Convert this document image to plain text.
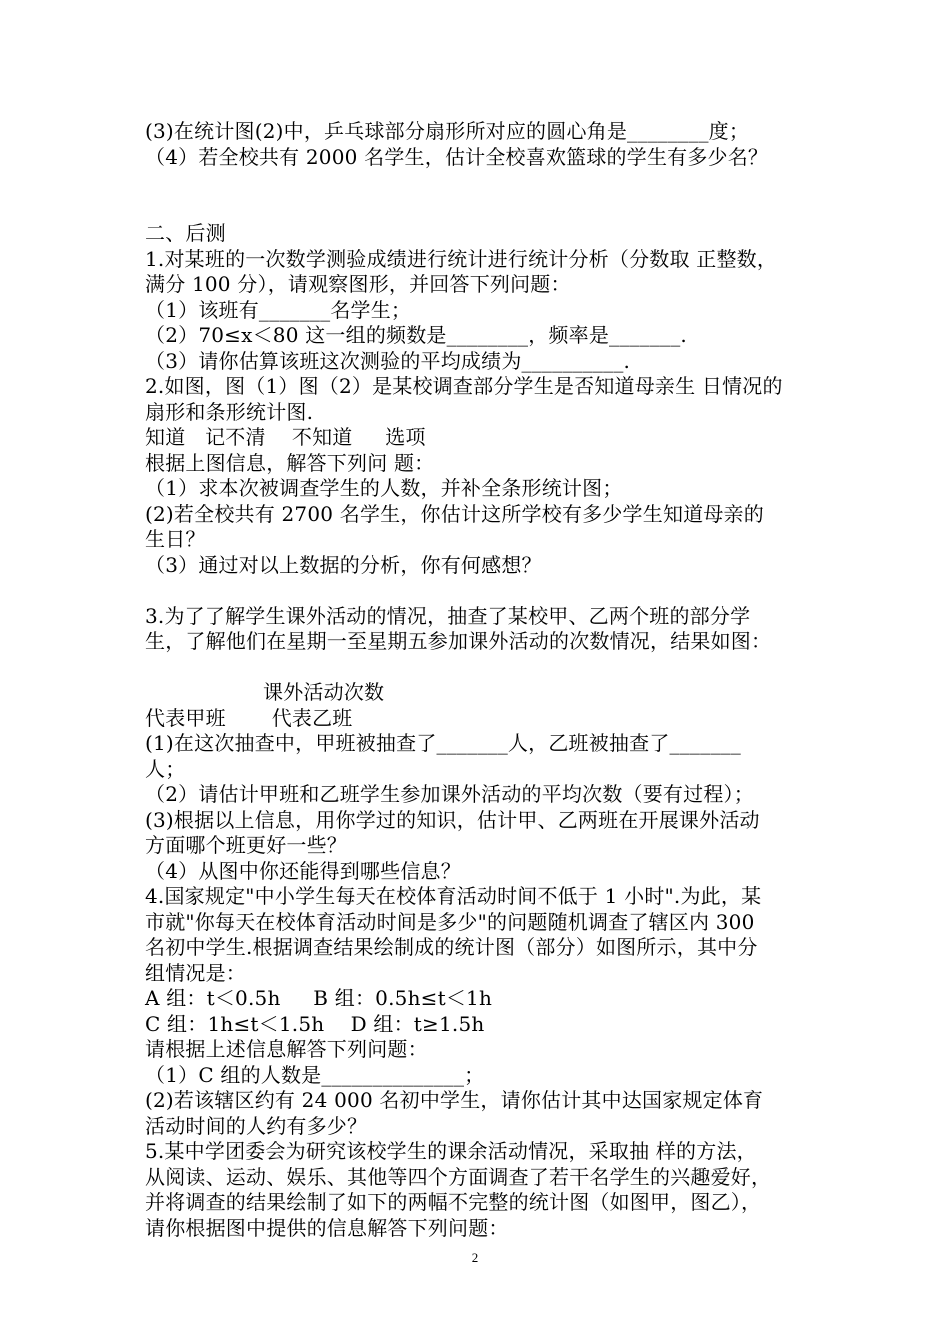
(3)在统计图(2)中，乒乓球部分扇形所对应的圆心角是________度；
（4）若全校共有 2000 名学生，估计全校喜欢篮球的学生有多少名？
二、后测
1.对某班的一次数学测验成绩进行统计进行统计分析（分数取 正整数，
满分 100 分），请观察图形，并回答下列问题：
（1）该班有_______名学生；
（2）70≤x＜80 这一组的频数是________，频率是_______.
（3）请你估算该班这次测验的平均成绩为__________.
2.如图，图（1）图（2）是某校调查部分学生是否知道母亲生 日情况的
扇形和条形统计图.
知道   记不清    不知道     选项
根据上图信息，解答下列问 题：
（1）求本次被调查学生的人数，并补全条形统计图；
(2)若全校共有 2700 名学生，你估计这所学校有多少学生知道母亲的
生日？
（3）通过对以上数据的分析，你有何感想？
3.为了了解学生课外活动的情况，抽查了某校甲、乙两个班的部分学
生，了解他们在星期一至星期五参加课外活动的次数情况，结果如图：
课外活动次数
代表甲班       代表乙班
(1)在这次抽查中，甲班被抽查了_______人，乙班被抽查了_______
人；
（2）请估计甲班和乙班学生参加课外活动的平均次数（要有过程）；
(3)根据以上信息，用你学过的知识，估计甲、乙两班在开展课外活动
方面哪个班更好一些？
（4）从图中你还能得到哪些信息？
4.国家规定"中小学生每天在校体育活动时间不低于 1 小时".为此，某
市就"你每天在校体育活动时间是多少"的问题随机调查了辖区内 300
名初中学生.根据调查结果绘制成的统计图（部分）如图所示，其中分
组情况是：
A 组：t＜0.5h     B 组：0.5h≤t＜1h
C 组：1h≤t＜1.5h    D 组：t≥1.5h
请根据上述信息解答下列问题：
（1）C 组的人数是______________；
(2)若该辖区约有 24 000 名初中学生，请你估计其中达国家规定体育
活动时间的人约有多少？
5.某中学团委会为研究该校学生的课余活动情况，采取抽 样的方法，
从阅读、运动、娱乐、其他等四个方面调查了若干名学生的兴趣爱好，
并将调查的结果绘制了如下的两幅不完整的统计图（如图甲，图乙），
请你根据图中提供的信息解答下列问题：
2
